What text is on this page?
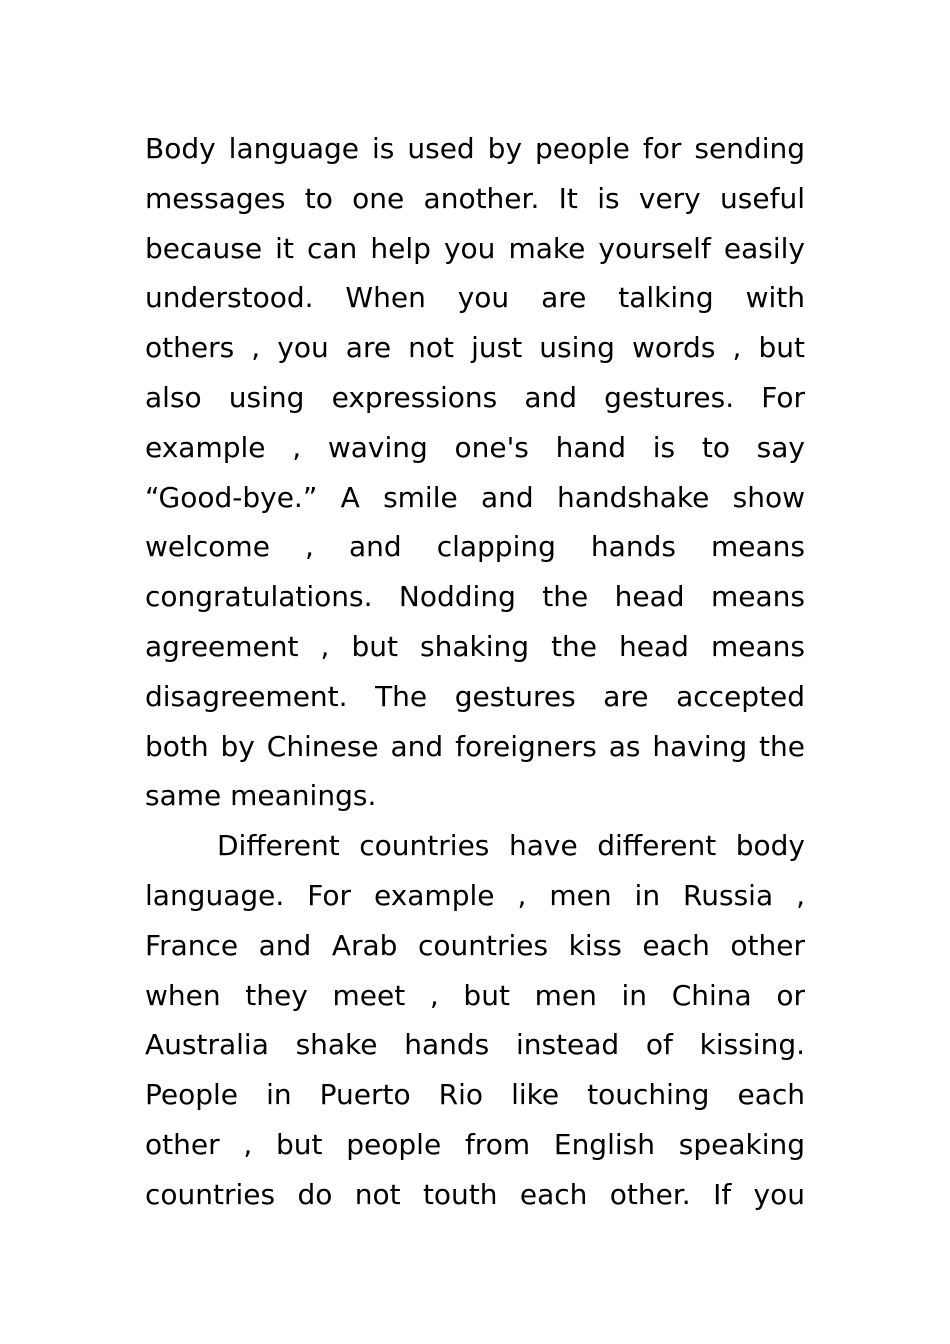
Body language is used by people for sending
messages to one another. It is very useful
because it can help you make yourself easily
understood. When you are talking with
others , you are not just using words , but
also using expressions and gestures. For
example , waving one's hand is to say
“Good-bye.” A smile and handshake show
welcome , and clapping hands means
congratulations. Nodding the head means
agreement , but shaking the head means
disagreement. The gestures are accepted
both by Chinese and foreigners as having the
same meanings.
Different countries have different body
language. For example , men in Russia ,
France and Arab countries kiss each other
when they meet , but men in China or
Australia shake hands instead of kissing.
People in Puerto Rio like touching each
other , but people from English speaking
countries do not touth each other. If you
